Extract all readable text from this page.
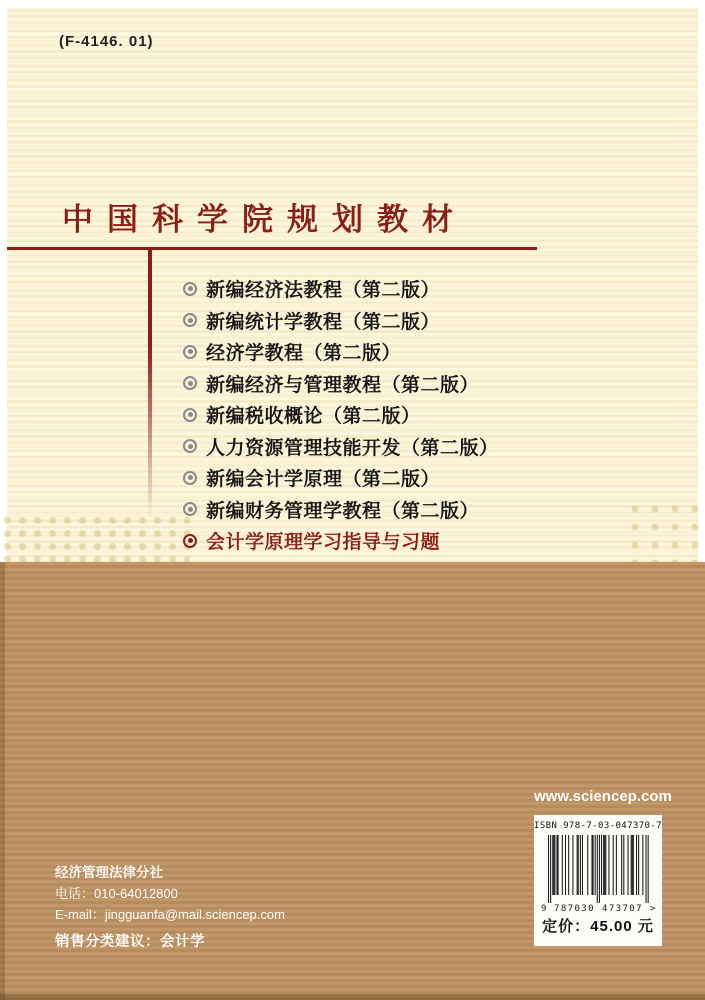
(F-4146. 01)
中国科学院规划教材
新编经济法教程（第二版）
新编统计学教程（第二版）
经济学教程（第二版）
新编经济与管理教程（第二版）
新编税收概论（第二版）
人力资源管理技能开发（第二版）
新编会计学原理（第二版）
新编财务管理学教程（第二版）
会计学原理学习指导与习题
经济管理法律分社
电话：010-64012800
E-mail：jingguanfa@mail.sciencep.com
销售分类建议：会计学
www.sciencep.com
ISBN 978-7-03-047370-7
9 787030 473707 >
定价：45.00 元
